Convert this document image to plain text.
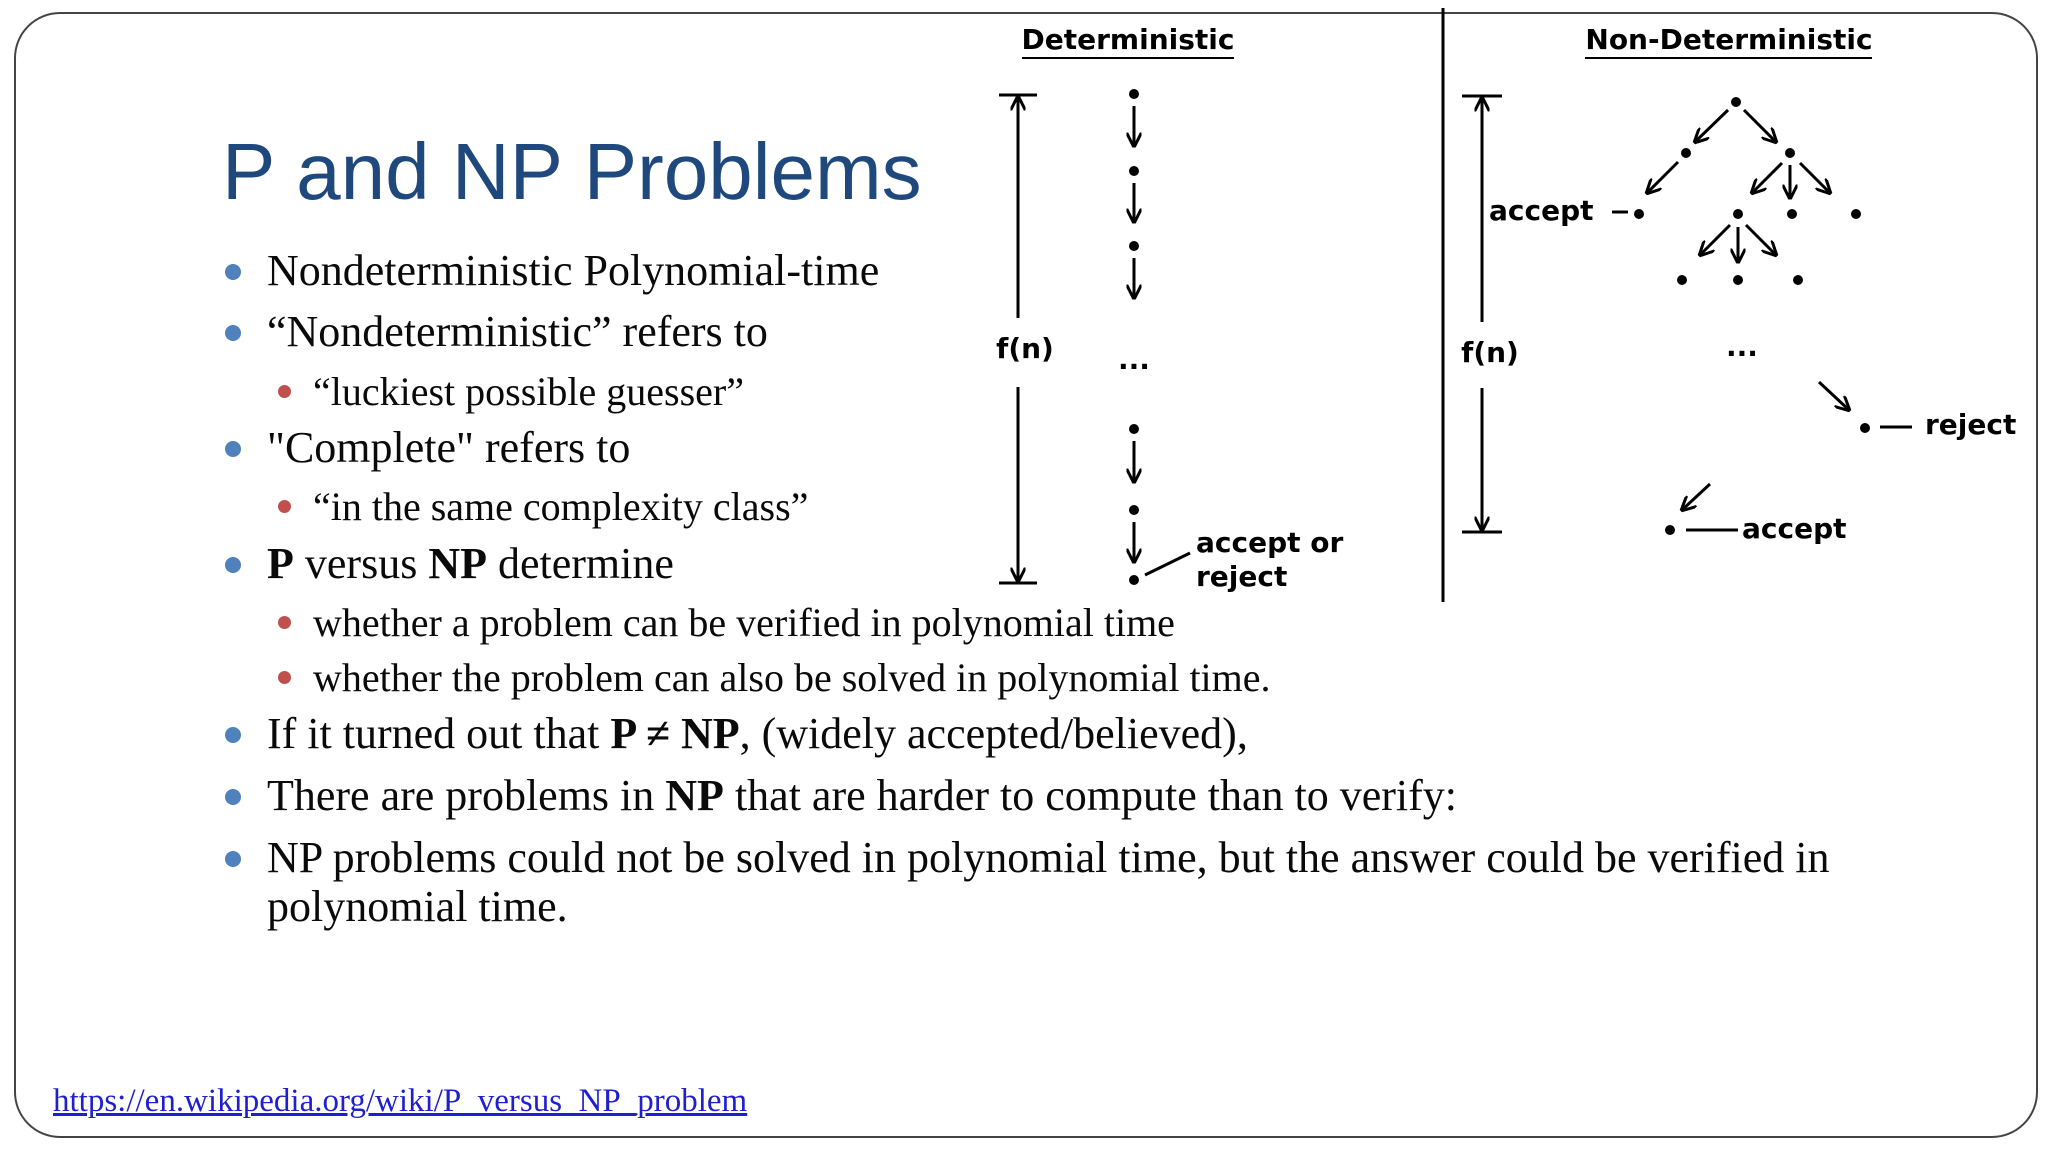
P and NP Problems
Nondeterministic Polynomial-time
“Nondeterministic” refers to
“luckiest possible guesser”
"Complete" refers to
“in the same complexity class”
P versus NP determine
whether a problem can be verified in polynomial time
whether the problem can also be solved in polynomial time.
If it turned out that P ≠ NP, (widely accepted/believed),
There are problems in NP that are harder to compute than to verify:
NP problems could not be solved in polynomial time, but the answer could be verified in
polynomial time.
https://en.wikipedia.org/wiki/P_versus_NP_problem
Deterministic	Non-Deterministic
f(n) ...
accept or
reject
f(n)
accept
...
reject
accept
